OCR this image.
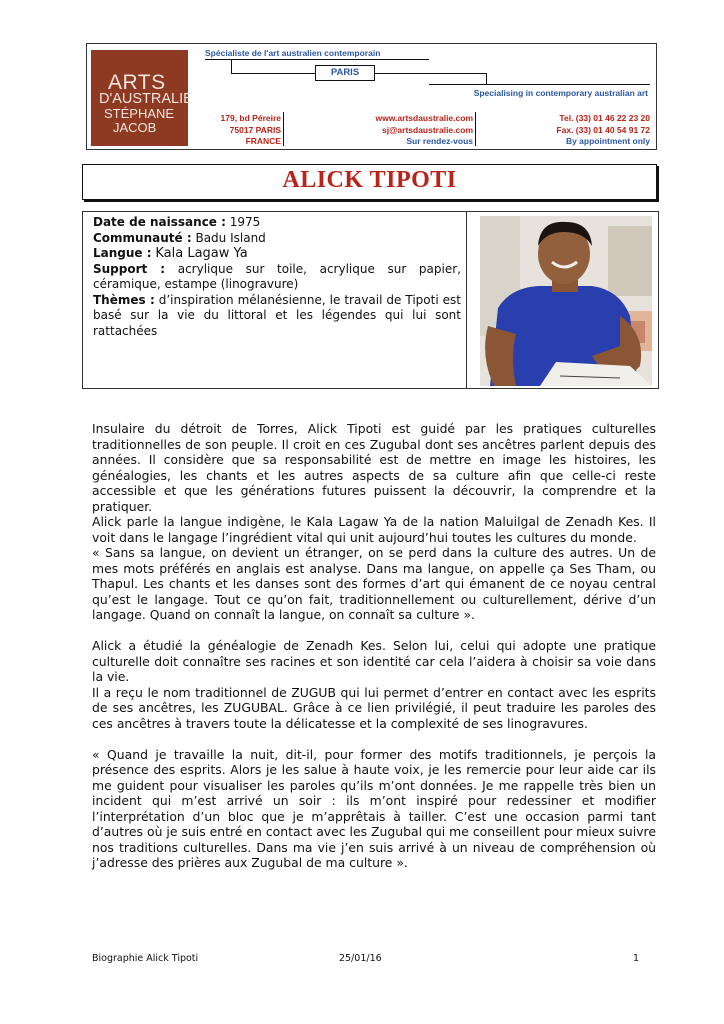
ARTS
D'AUSTRALIE
STÉPHANE
JACOB
Spécialiste de l'art australien contemporain
PARIS
Specialising in contemporary australian art
179, bd Péreire
75017 PARIS
FRANCE
www.artsdaustralie.com
sj@artsdaustralie.com
Sur rendez-vous
Tel. (33) 01 46 22 23 20
Fax. (33) 01 40 54 91 72
By appointment only
ALICK TIPOTI

Date de naissance : 1975

Communauté : Badu Island

Langue : Kala Lagaw Ya

Support : acrylique sur toile, acrylique sur papier, céramique, estampe (linogravure)

Thèmes : d’inspiration mélanésienne, le travail de Tipoti est basé sur la vie du littoral et les légendes qui lui sont rattachées

Insulaire du détroit de Torres, Alick Tipoti est guidé par les pratiques culturelles traditionnelles de son peuple. Il croit en ces Zugubal dont ses ancêtres parlent depuis des années. Il considère que sa responsabilité est de mettre en image les histoires, les généalogies, les chants et les autres aspects de sa culture afin que celle-ci reste accessible et que les générations futures puissent la découvrir, la comprendre et la pratiquer.

Alick parle la langue indigène, le Kala Lagaw Ya de la nation Maluilgal de Zenadh Kes. Il voit dans le langage l’ingrédient vital qui unit aujourd’hui toutes les cultures du monde.

« Sans sa langue, on devient un étranger, on se perd dans la culture des autres. Un de mes mots préférés en anglais est analyse. Dans ma langue, on appelle ça Ses Tham, ou Thapul. Les chants et les danses sont des formes d’art qui émanent de ce noyau central qu’est le langage. Tout ce qu’on fait, traditionnellement ou culturellement, dérive d’un langage. Quand on connaît la langue, on connaît sa culture ».

Alick a étudié la généalogie de Zenadh Kes. Selon lui, celui qui adopte une pratique culturelle doit connaître ses racines et son identité car cela l’aidera à choisir sa voie dans la vie.

Il a reçu le nom traditionnel de ZUGUB qui lui permet d’entrer en contact avec les esprits de ses ancêtres, les ZUGUBAL. Grâce à ce lien privilégié, il peut traduire les paroles des ces ancêtres à travers toute la délicatesse et la complexité de ses linogravures.

« Quand je travaille la nuit, dit-il, pour former des motifs traditionnels, je perçois la présence des esprits. Alors je les salue à haute voix, je les remercie pour leur aide car ils me guident pour visualiser les paroles qu’ils m’ont données. Je me rappelle très bien un incident qui m’est arrivé un soir : ils m’ont inspiré pour redessiner et modifier l’interprétation d’un bloc que je m’apprêtais à tailler. C’est une occasion parmi tant d’autres où je suis entré en contact avec les Zugubal qui me conseillent pour mieux suivre nos traditions culturelles. Dans ma vie j’en suis arrivé à un niveau de compréhension où j’adresse des prières aux Zugubal de ma culture ».

Biographie Alick Tipoti	25/01/16	1
